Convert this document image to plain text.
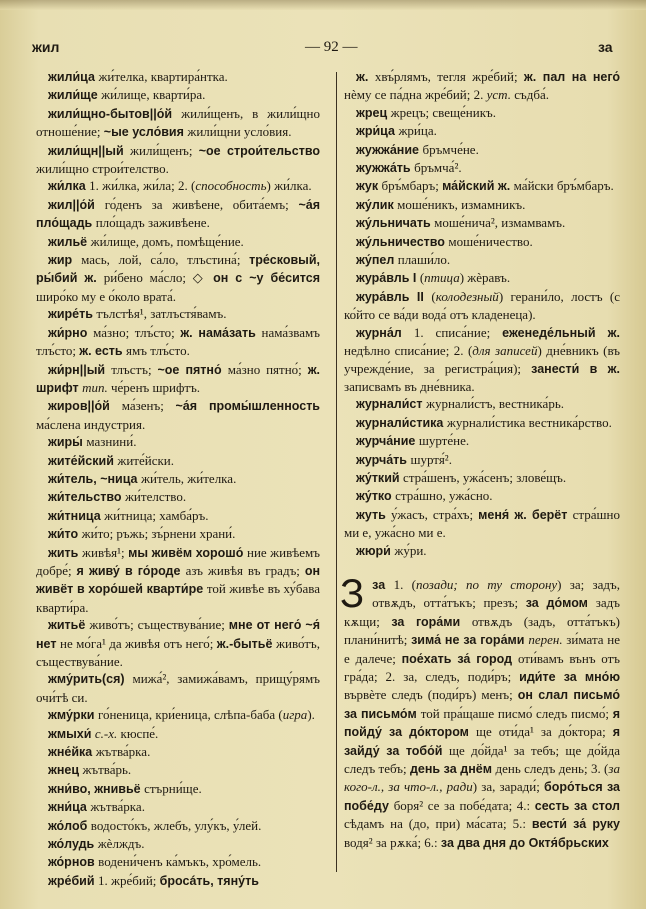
жил	— 92 —	за

жили́ца жи́телка, квартира́нтка.

жили́ще жи́лище, кварти́ра.

жили́щно-бытов||о́й жили́щенъ, в жили́щно отноше́ние; ~ые усло́вия жили́щни усло́вия.

жили́щн||ый жили́щенъ; ~ое строи́тельство жили́щно строи́телство.

жи́лка 1. жи́лка, жи́ла; 2. (способность) жи́лка.

жил||о́й го́денъ за живѣене, обита́емъ; ~а́я пло́щадь пло́щадъ заживѣене.

жильё жи́лище, домъ, помѣще́ние.

жир мась, лой, са́ло, тлъстина́; тре́сковый, ры́бий ж. ри́бено ма́сло; ◇ он с ~у бе́сится широ́ко му е о́коло врата́.

жире́ть тълстѣя¹, затлъстя́вамъ.

жи́рно ма́зно; тлъ́сто; ж. нама́зать нама́звамъ тлъ́сто; ж. есть ямъ тлъ́сто.

жи́рн||ый тлъстъ; ~ое пятно́ ма́зно пятно́; ж. шрифт тип. че́ренъ шрифтъ.

жиров||о́й ма́зенъ; ~а́я промы́шленность ма́слена индустрия.

жиры́ мазнини́.

жите́йский жите́йски.

жи́тель, ~ница жи́тель, жи́телка.

жи́тельство жи́телство.

жи́тница жи́тница; хамба́ръ.

жи́то жи́то; ръжь; зъ́рнени храни́.

жить живѣя¹; мы живём хорошо́ ние живѣемъ добре́; я живу́ в го́роде азъ живѣя въ градъ; он живёт в хоро́шей кварти́ре той живѣе въ ху́бава кварти́ра.

житьё живо́тъ; съществува́ние; мне от него́ ~я́ нет не мо́га¹ да живѣя отъ него́; ж.-бытьё живо́тъ, съществува́ние.

жму́рить(ся) мижа́², замижа́вамъ, прищу́рямъ очи́тѣ си.

жму́рки го́неница, кри́еница, слѣпа-баба (игра).

жмыхи́ с.-х. кюспе́.

жне́йка жътва́рка.

жнец жътва́рь.

жни́во, жнивьё стърни́ще.

жни́ца жътва́рка.

жо́лоб водосто́къ, жлебъ, улу́къ, у́лей.

жо́лудь жѐлждъ.

жо́рнов водени́ченъ ка́мъкъ, хро́мель.

жре́бий 1. жре́бий; бросáть, тяну́ть

ж. хвъ́рлямъ, тегля жре́бий; ж. пал на него́ нѐму се па́дна жре́бий; 2. уст. съдба́.

жрец жрецъ; свеще́никъ.

жри́ца жри́ца.

жужжа́ние бръмче́не.

жужжа́ть бръмча́².

жук бръ́мбаръ; ма́йский ж. ма́йски бръ́мбаръ.

жу́лик моше́никъ, измамникъ.

жу́льничать моше́нича², измамвамъ.

жу́льничество моше́ничество.

жу́пел плаши́ло.

жура́вль I (птица) жѐравъ.

жура́вль II (колодезный) герани́ло, лостъ (с ко́йто се ва́ди вода́ отъ кладенеца).

журна́л 1. списа́ние; еженеде́льный ж. недѣлно списа́ние; 2. (для записей) дне́вникъ (въ учрежде́ние, за регистра́ция); занести́ в ж. записвамъ въ дне́вника.

журнали́ст журнали́стъ, вестника́рь.

журнали́стика журнали́стика вестника́рство.

журча́ние шурте́не.

журча́ть шуртя́².

жу́ткий стра́шенъ, ужа́сенъ; злове́щъ.

жу́тко стра́шно, ужа́сно.

жуть у́жасъ, стра́хъ; меня́ ж. берёт стра́шно ми е, ужа́сно ми е.

жюри́ жу́ри.

З за 1. (позади; по ту сторону) за; задъ, отвѫдъ, отта́тъкъ; презъ; за до́мом задъ кѫщи; за гора́ми отвѫдъ (задъ, отта́тъкъ) плани́нитѣ; зима́ не за гора́ми перен. зи́мата не е далече; пое́хать за́ город оти́вамъ вънъ отъ гра́да; 2. за, следъ, поди́ръ; иди́те за мно́ю вървѐте следъ (поди́ръ) менъ; он слал письмо́ за письмо́м той пра́щаше писмо́ следъ писмо́; я пойду́ за до́ктором ще оти́да¹ за до́ктора; я зайду́ за тобо́й ще до́йда¹ за тебъ; ще до́йда следъ тебъ; день за днём день следъ день; 3. (за кого-л., за что-л., ради) за, заради́; боро́ться за побе́ду боря² се за побе́дата; 4.: сесть за стол сѣдамъ на (до, при) ма́сата; 5.: вести́ за́ руку водя² за рѫка́; 6.: за два дня до Октя́брьских
